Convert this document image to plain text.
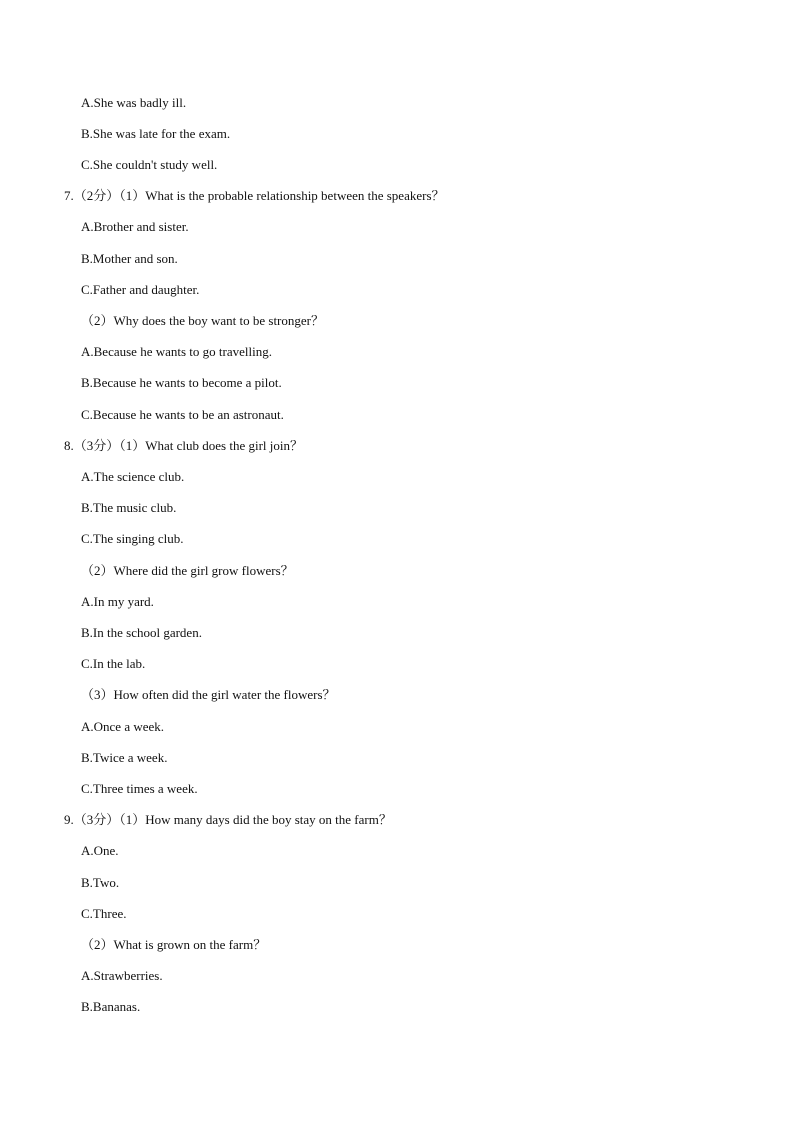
A.She was badly ill.
B.She was late for the exam.
C.She couldn't study well.
7.（2分）（1）What is the probable relationship between the speakers？
A.Brother and sister.
B.Mother and son.
C.Father and daughter.
（2）Why does the boy want to be stronger？
A.Because he wants to go travelling.
B.Because he wants to become a pilot.
C.Because he wants to be an astronaut.
8.（3分）（1）What club does the girl join？
A.The science club.
B.The music club.
C.The singing club.
（2）Where did the girl grow flowers？
A.In my yard.
B.In the school garden.
C.In the lab.
（3）How often did the girl water the flowers？
A.Once a week.
B.Twice a week.
C.Three times a week.
9.（3分）（1）How many days did the boy stay on the farm？
A.One.
B.Two.
C.Three.
（2）What is grown on the farm？
A.Strawberries.
B.Bananas.
